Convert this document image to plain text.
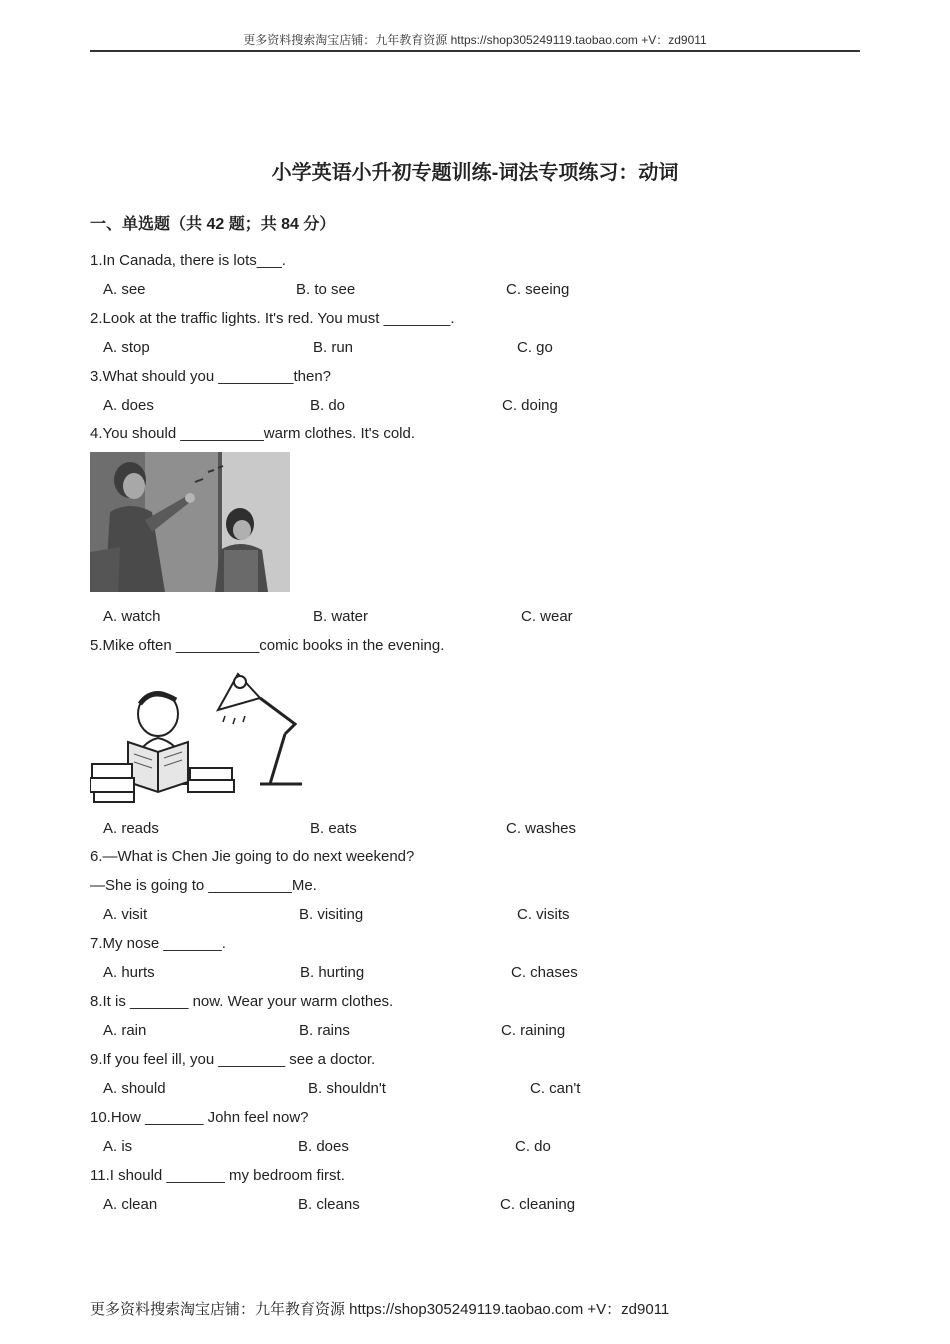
更多资料搜索淘宝店铺：九年教育资源 https://shop305249119.taobao.com +V：zd9011
小学英语小升初专题训练-词法专项练习：动词
一、单选题（共 42 题；共 84 分）
1.In Canada, there is lots___.
A. see	B. to see	C. seeing
2.Look at the traffic lights. It's red. You must ________.
A. stop	B. run	C. go
3.What should you _________then?
A. does	B. do	C. doing
4.You should __________warm clothes. It's cold.
A. watch	B. water	C. wear
5.Mike often __________comic books in the evening.
A. reads	B. eats	C. washes
6.—What is Chen Jie going to do next weekend?
—She is going to __________Me.
A. visit	B. visiting	C. visits
7.My nose _______.
A. hurts	B. hurting	C. chases
8.It is _______ now. Wear your warm clothes.
A. rain	B. rains	C. raining
9.If you feel ill, you ________ see a doctor.
A. should	B. shouldn't	C. can't
10.How _______ John feel now?
A. is	B. does	C. do
11.I should _______ my bedroom first.
A. clean	B. cleans	C. cleaning
更多资料搜索淘宝店铺：九年教育资源 https://shop305249119.taobao.com +V：zd9011
